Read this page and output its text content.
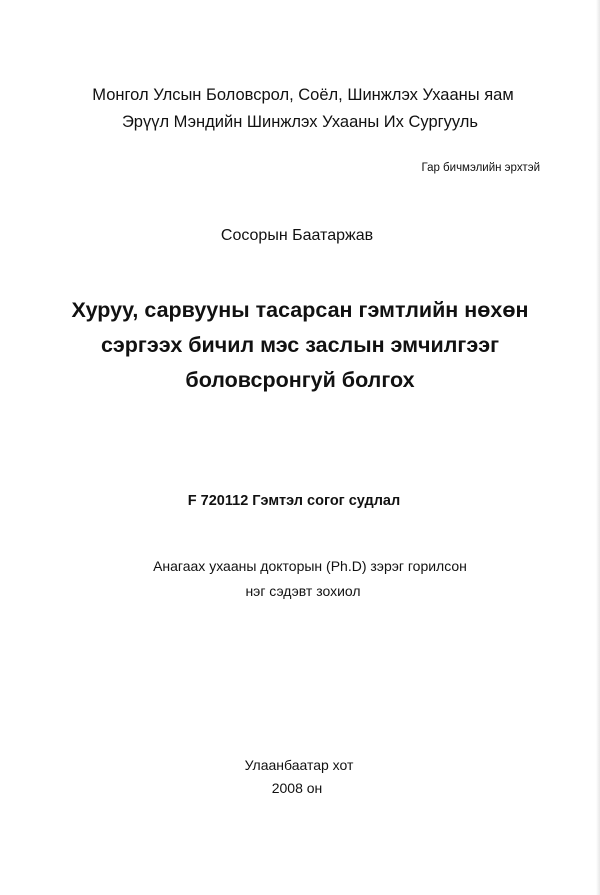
Монгол Улсын Боловсрол, Соёл, Шинжлэх Ухааны яам
Эрүүл Мэндийн Шинжлэх Ухааны Их Сургууль
Гар бичмэлийн эрхтэй
Сосорын Баатаржав
Хуруу, сарвууны тасарсан гэмтлийн нөхөн
сэргээх бичил мэс заслын эмчилгээг
боловсронгуй болгох
F 720112 Гэмтэл согог судлал
Анагаах ухааны докторын (Ph.D) зэрэг горилсон
нэг сэдэвт зохиол
Улаанбаатар хот
2008 он
